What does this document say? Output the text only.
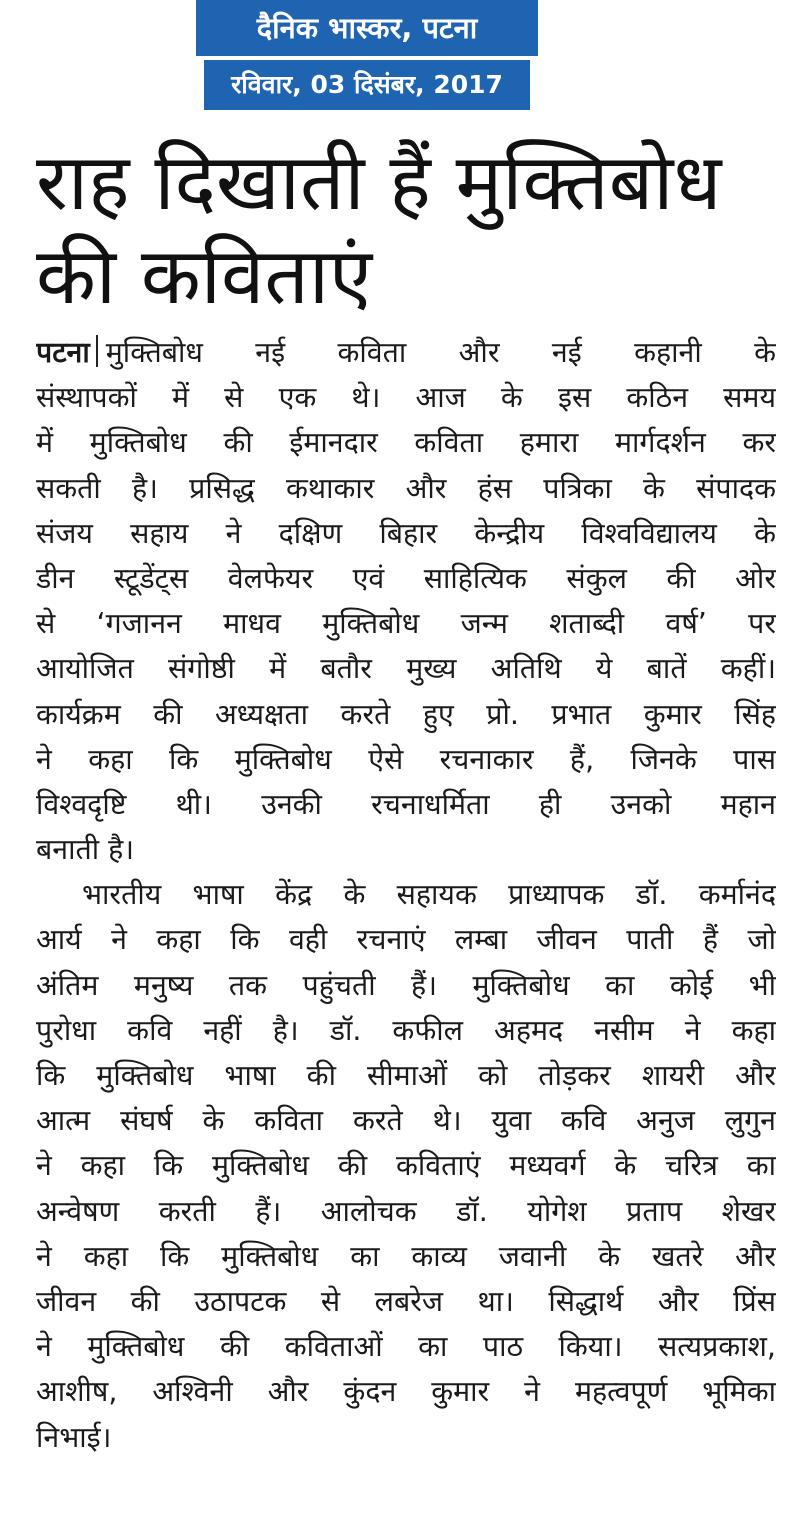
दैनिक भास्कर, पटना
रविवार, 03 दिसंबर, 2017
राह दिखाती हैं मुक्तिबोध
की कविताएं
पटना मुक्तिबोध नई कविता और नई कहानी के
संस्थापकों में से एक थे। आज के इस कठिन समय
में मुक्तिबोध की ईमानदार कविता हमारा मार्गदर्शन कर
सकती है। प्रसिद्ध कथाकार और हंस पत्रिका के संपादक
संजय सहाय ने दक्षिण बिहार केन्द्रीय विश्वविद्यालय के
डीन स्टूडेंट्स वेलफेयर एवं साहित्यिक संकुल की ओर
से ‘गजानन माधव मुक्तिबोध जन्म शताब्दी वर्ष’ पर
आयोजित संगोष्ठी में बतौर मुख्य अतिथि ये बातें कहीं।
कार्यक्रम की अध्यक्षता करते हुए प्रो. प्रभात कुमार सिंह
ने कहा कि मुक्तिबोध ऐसे रचनाकार हैं, जिनके पास
विश्वदृष्टि थी। उनकी रचनाधर्मिता ही उनको महान
बनाती है।
भारतीय भाषा केंद्र के सहायक प्राध्यापक डॉ. कर्मानंद
आर्य ने कहा कि वही रचनाएं लम्बा जीवन पाती हैं जो
अंतिम मनुष्य तक पहुंचती हैं। मुक्तिबोध का कोई भी
पुरोधा कवि नहीं है। डॉ. कफील अहमद नसीम ने कहा
कि मुक्तिबोध भाषा की सीमाओं को तोड़कर शायरी और
आत्म संघर्ष के कविता करते थे। युवा कवि अनुज लुगुन
ने कहा कि मुक्तिबोध की कविताएं मध्यवर्ग के चरित्र का
अन्वेषण करती हैं। आलोचक डॉ. योगेश प्रताप शेखर
ने कहा कि मुक्तिबोध का काव्य जवानी के खतरे और
जीवन की उठापटक से लबरेज था। सिद्धार्थ और प्रिंस
ने मुक्तिबोध की कविताओं का पाठ किया। सत्यप्रकाश,
आशीष, अश्विनी और कुंदन कुमार ने महत्वपूर्ण भूमिका
निभाई।
